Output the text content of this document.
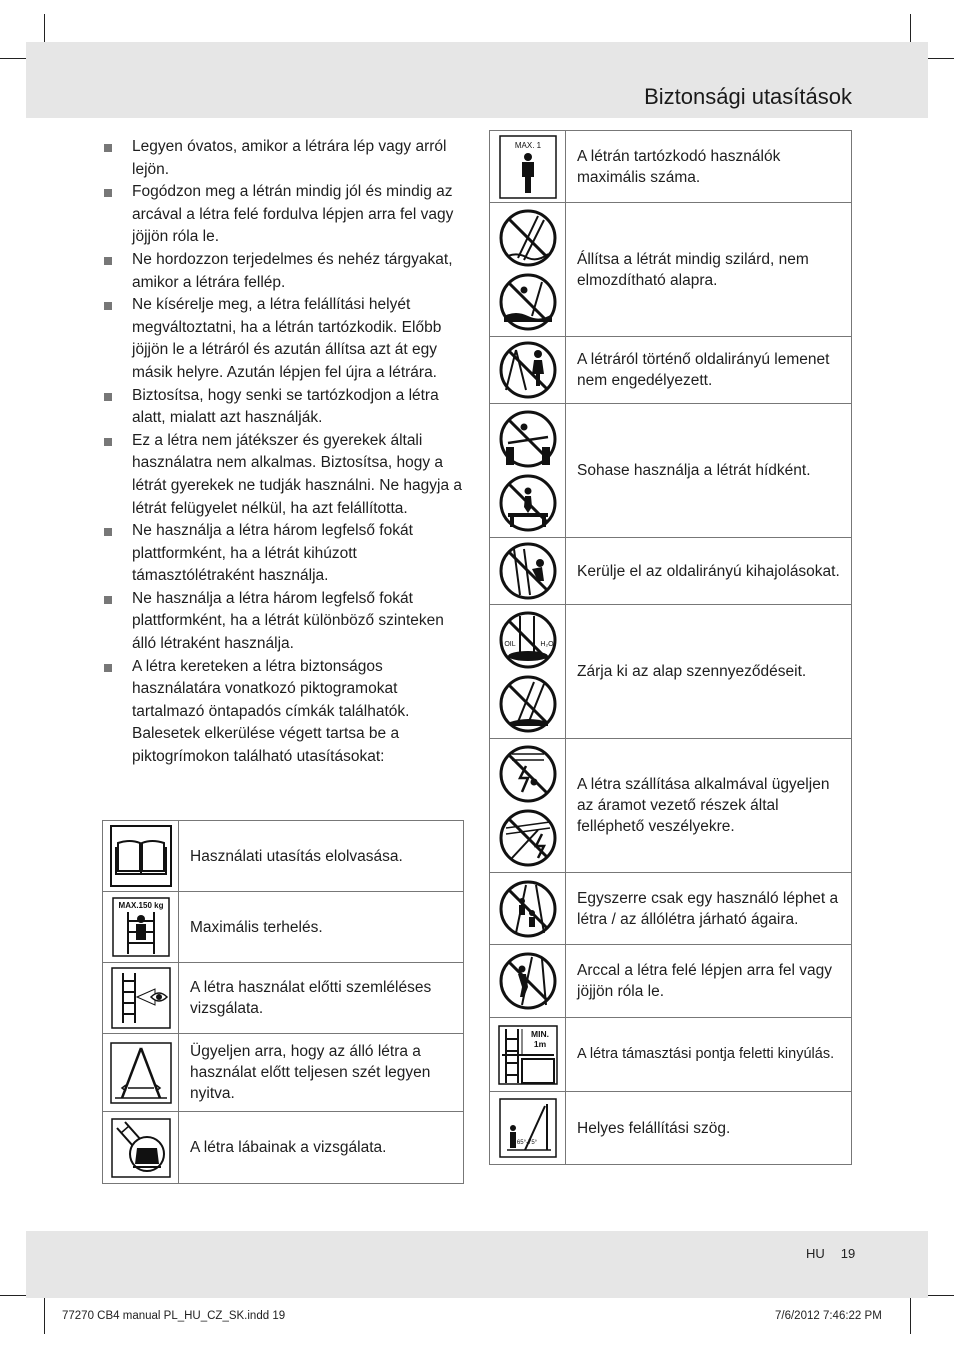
Biztonsági utasítások
Legyen óvatos, amikor a létrára lép vagy arról lejön.
Fogódzon meg a létrán mindig jól és mindig az arcával a létra felé fordulva lépjen arra fel vagy jöjjön róla le.
Ne hordozzon terjedelmes és nehéz tárgyakat, amikor a létrára fellép.
Ne kísérelje meg, a létra felállítási helyét megváltoztatni, ha a létrán tartózkodik. Előbb jöjjön le a létráról és azután állítsa azt át egy másik helyre. Azután lépjen fel újra a létrára.
Biztosítsa, hogy senki se tartózkodjon a létra alatt, mialatt azt használják.
Ez a létra nem játékszer és gyerekek általi használatra nem alkalmas. Biztosítsa, hogy a létrát gyerekek ne tudják használni. Ne hagyja a létrát felügyelet nélkül, ha azt felállította.
Ne használja a létra három legfelső fokát plattformként, ha a létrát kihúzott támasztólétraként használja.
Ne használja a létra három legfelső fokát plattformként, ha a létrát különböző szinteken álló létraként használja.
A létra kereteken a létra biztonságos használatára vonatkozó piktogramokat tartalmazó öntapadós címkák találhatók. Balesetek elkerülése végett tartsa be a piktogrímokon található utasításokat:
	Használati utasítás elolvasása.

MAX.150 kg	Maximális terhelés.

	A létra használat előtti szemléléses vizsgálata.

	Ügyeljen arra, hogy az álló létra a használat előtt teljesen szét legyen nyitva.

	A létra lábainak a vizsgálata.
MAX. 1	A létrán tartózkodó használók maximális száma.

	Állítsa a létrát mindig szilárd, nem elmozdítható alapra.

	A létráról történő oldalirányú lemenet nem engedélyezett.

	Sohase használja a létrát hídként.

	Kerülje el az oldalirányú kihajolásokat.

OIL H₂O	Zárja ki az alap szennyeződéseit.

	A létra szállítása alkalmával ügyeljen az áramot vezető részek által felléphető veszélyekre.

	Egyszerre csak egy használó léphet a létra / az állólétra járható ágaira.

	Arccal a létra felé lépjen arra fel vagy jöjjön róla le.

MIN.
1m	A létra támasztási pontja feletti kinyúlás.

65°-75°	Helyes felállítási szög.
HU 19
77270 CB4 manual PL_HU_CZ_SK.indd 19	7/6/2012 7:46:22 PM
